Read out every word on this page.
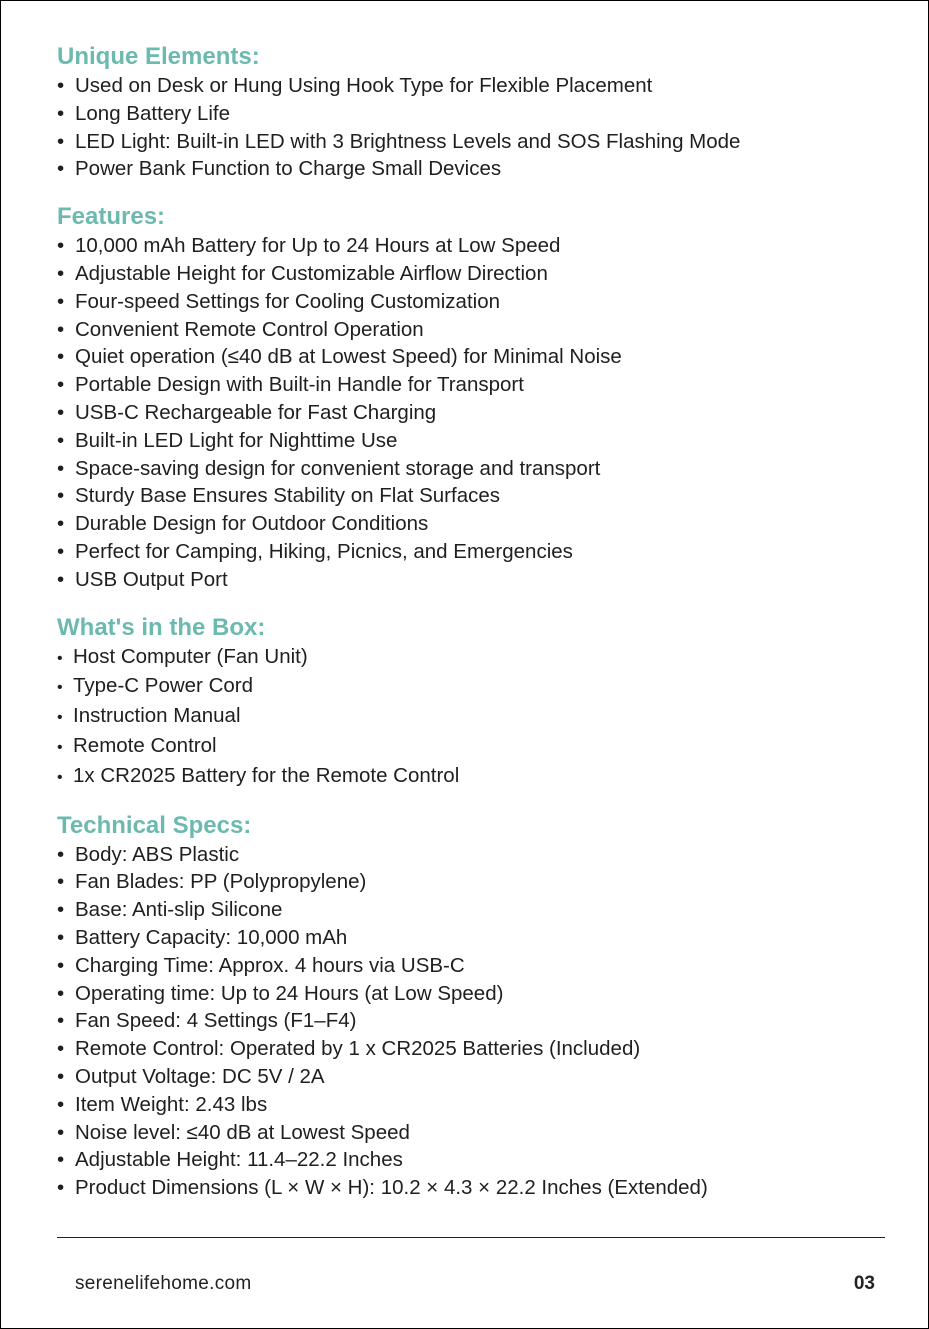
Unique Elements:
• Used on Desk or Hung Using Hook Type for Flexible Placement
• Long Battery Life
• LED Light: Built-in LED with 3 Brightness Levels and SOS Flashing Mode
• Power Bank Function to Charge Small Devices
Features:
• 10,000 mAh Battery for Up to 24 Hours at Low Speed
• Adjustable Height for Customizable Airflow Direction
• Four-speed Settings for Cooling Customization
• Convenient Remote Control Operation
• Quiet operation (≤40 dB at Lowest Speed) for Minimal Noise
• Portable Design with Built-in Handle for Transport
• USB-C Rechargeable for Fast Charging
• Built-in LED Light for Nighttime Use
• Space-saving design for convenient storage and transport
• Sturdy Base Ensures Stability on Flat Surfaces
• Durable Design for Outdoor Conditions
• Perfect for Camping, Hiking, Picnics, and Emergencies
• USB Output Port
What's in the Box:
• Host Computer (Fan Unit)
• Type-C Power Cord
• Instruction Manual
• Remote Control
• 1x CR2025 Battery for the Remote Control
Technical Specs:
• Body: ABS Plastic
• Fan Blades: PP (Polypropylene)
• Base: Anti-slip Silicone
• Battery Capacity: 10,000 mAh
• Charging Time: Approx. 4 hours via USB-C
• Operating time: Up to 24 Hours (at Low Speed)
• Fan Speed: 4 Settings (F1–F4)
• Remote Control: Operated by 1 x CR2025 Batteries (Included)
• Output Voltage: DC 5V / 2A
• Item Weight: 2.43 lbs
• Noise level: ≤40 dB at Lowest Speed
• Adjustable Height: 11.4–22.2 Inches
• Product Dimensions (L × W × H): 10.2 × 4.3 × 22.2 Inches (Extended)
serenelifehome.com	03
